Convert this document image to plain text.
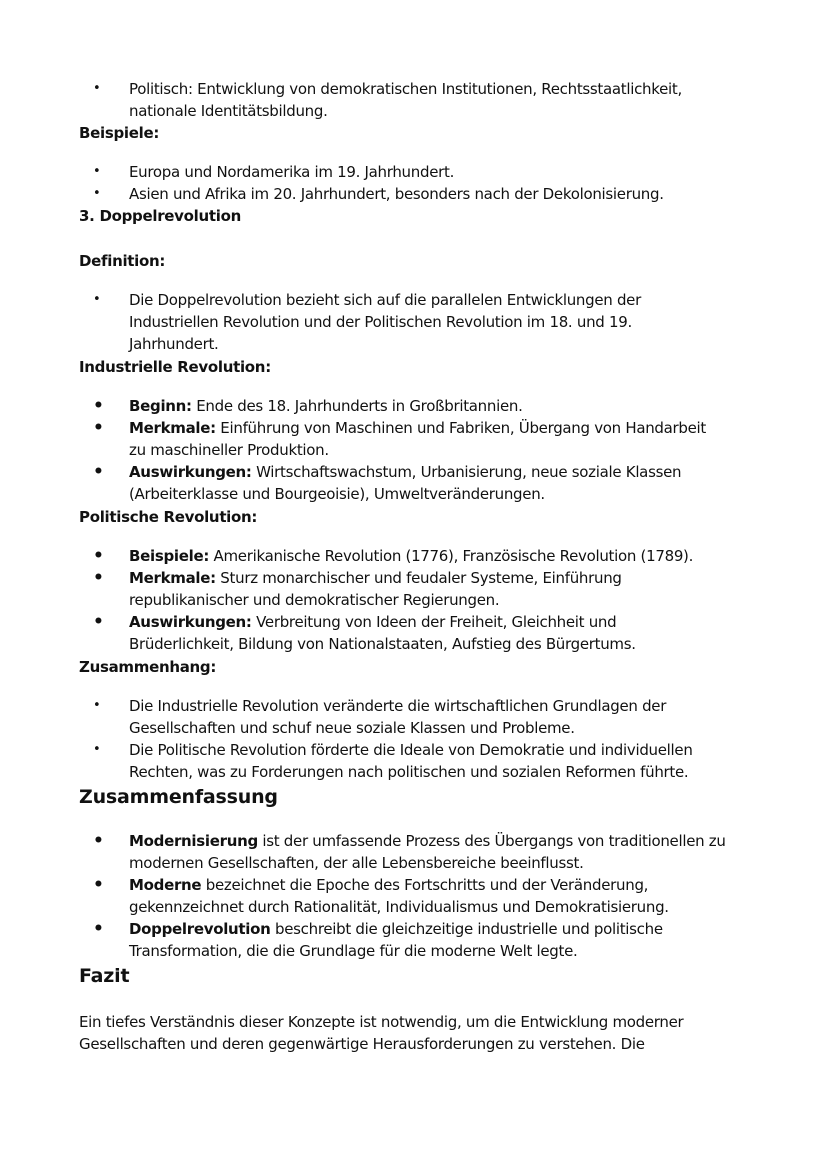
• Politisch: Entwicklung von demokratischen Institutionen, Rechtsstaatlichkeit,
nationale Identitätsbildung.
Beispiele:
• Europa und Nordamerika im 19. Jahrhundert.
• Asien und Afrika im 20. Jahrhundert, besonders nach der Dekolonisierung.
3. Doppelrevolution
Definition:
• Die Doppelrevolution bezieht sich auf die parallelen Entwicklungen der
Industriellen Revolution und der Politischen Revolution im 18. und 19.
Jahrhundert.
Industrielle Revolution:
• Beginn: Ende des 18. Jahrhunderts in Großbritannien.
• Merkmale: Einführung von Maschinen und Fabriken, Übergang von Handarbeit
zu maschineller Produktion.
• Auswirkungen: Wirtschaftswachstum, Urbanisierung, neue soziale Klassen
(Arbeiterklasse und Bourgeoisie), Umweltveränderungen.
Politische Revolution:
• Beispiele: Amerikanische Revolution (1776), Französische Revolution (1789).
• Merkmale: Sturz monarchischer und feudaler Systeme, Einführung
republikanischer und demokratischer Regierungen.
• Auswirkungen: Verbreitung von Ideen der Freiheit, Gleichheit und
Brüderlichkeit, Bildung von Nationalstaaten, Aufstieg des Bürgertums.
Zusammenhang:
• Die Industrielle Revolution veränderte die wirtschaftlichen Grundlagen der
Gesellschaften und schuf neue soziale Klassen und Probleme.
• Die Politische Revolution förderte die Ideale von Demokratie und individuellen
Rechten, was zu Forderungen nach politischen und sozialen Reformen führte.
Zusammenfassung
• Modernisierung ist der umfassende Prozess des Übergangs von traditionellen zu
modernen Gesellschaften, der alle Lebensbereiche beeinflusst.
• Moderne bezeichnet die Epoche des Fortschritts und der Veränderung,
gekennzeichnet durch Rationalität, Individualismus und Demokratisierung.
• Doppelrevolution beschreibt die gleichzeitige industrielle und politische
Transformation, die die Grundlage für die moderne Welt legte.
Fazit
Ein tiefes Verständnis dieser Konzepte ist notwendig, um die Entwicklung moderner
Gesellschaften und deren gegenwärtige Herausforderungen zu verstehen. Die
